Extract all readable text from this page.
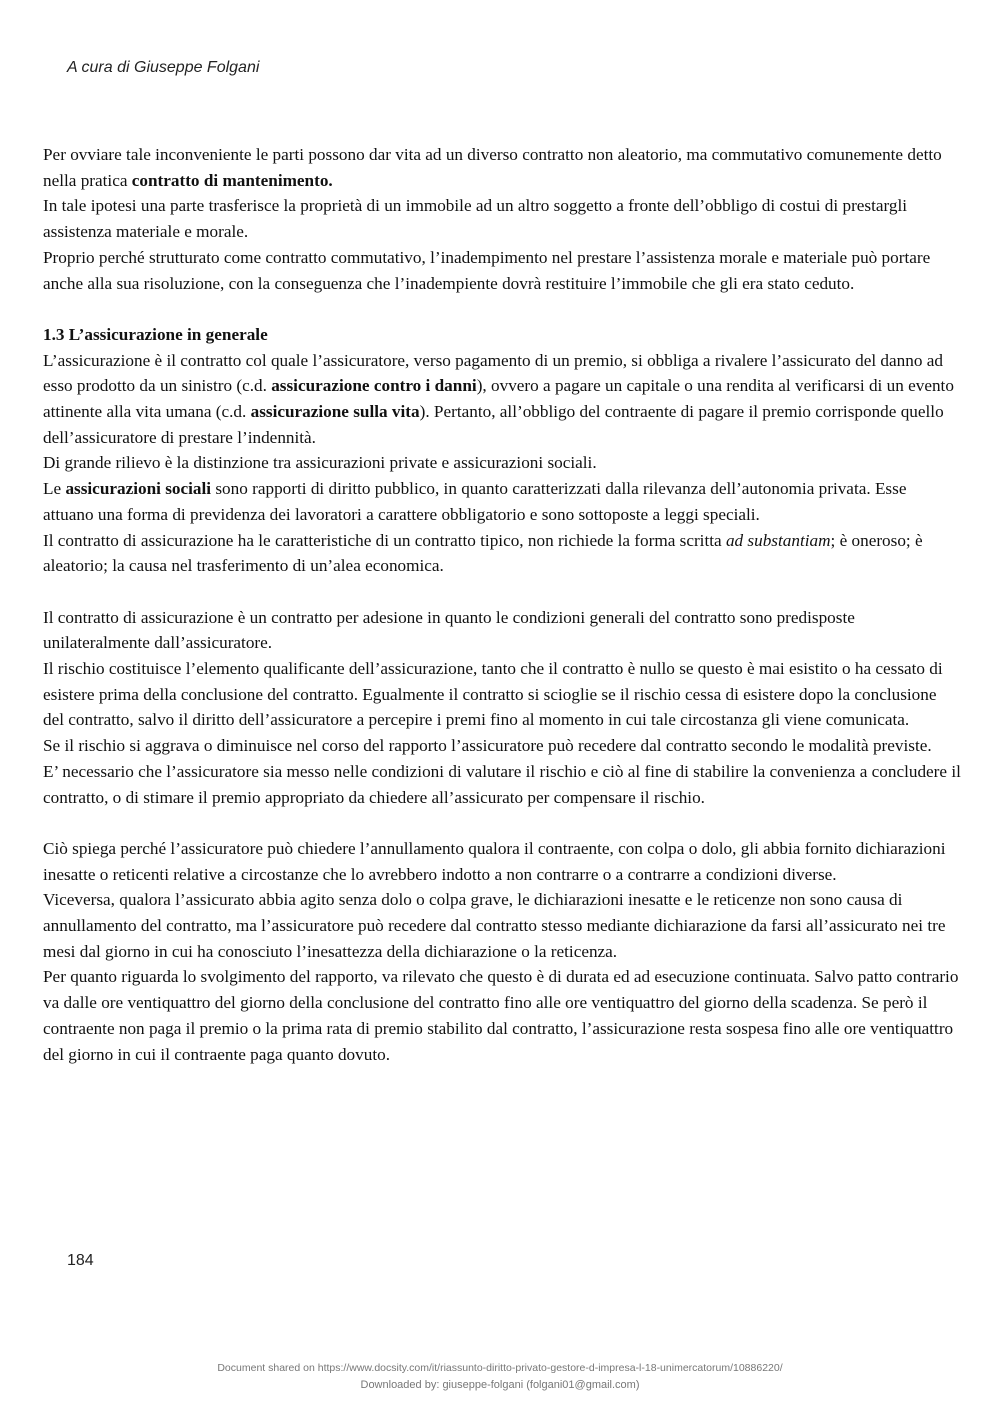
A cura di Giuseppe Folgani

Per ovviare tale inconveniente le parti possono dar vita ad un diverso contratto non aleatorio, ma commutativo comunemente detto nella pratica contratto di mantenimento.

In tale ipotesi una parte trasferisce la proprietà di un immobile ad un altro soggetto a fronte dell’obbligo di costui di prestargli assistenza materiale e morale.

Proprio perché strutturato come contratto commutativo, l’inadempimento nel prestare l’assistenza morale e materiale può portare anche alla sua risoluzione, con la conseguenza che l’inadempiente dovrà restituire l’immobile che gli era stato ceduto.

1.3 L’assicurazione in generale

L’assicurazione è il contratto col quale l’assicuratore, verso pagamento di un premio, si obbliga a rivalere l’assicurato del danno ad esso prodotto da un sinistro (c.d. assicurazione contro i danni), ovvero a pagare un capitale o una rendita al verificarsi di un evento attinente alla vita umana (c.d. assicurazione sulla vita). Pertanto, all’obbligo del contraente di pagare il premio corrisponde quello dell’assicuratore di prestare l’indennità.

Di grande rilievo è la distinzione tra assicurazioni private e assicurazioni sociali.

Le assicurazioni sociali sono rapporti di diritto pubblico, in quanto caratterizzati dalla rilevanza dell’autonomia privata. Esse attuano una forma di previdenza dei lavoratori a carattere obbligatorio e sono sottoposte a leggi speciali.

Il contratto di assicurazione ha le caratteristiche di un contratto tipico, non richiede la forma scritta ad substantiam; è oneroso; è aleatorio; la causa nel trasferimento di un’alea economica.

Il contratto di assicurazione è un contratto per adesione in quanto le condizioni generali del contratto sono predisposte unilateralmente dall’assicuratore.

Il rischio costituisce l’elemento qualificante dell’assicurazione, tanto che il contratto è nullo se questo è mai esistito o ha cessato di esistere prima della conclusione del contratto. Egualmente il contratto si scioglie se il rischio cessa di esistere dopo la conclusione del contratto, salvo il diritto dell’assicuratore a percepire i premi fino al momento in cui tale circostanza gli viene comunicata.

Se il rischio si aggrava o diminuisce nel corso del rapporto l’assicuratore può recedere dal contratto secondo le modalità previste.

E’ necessario che l’assicuratore sia messo nelle condizioni di valutare il rischio e ciò al fine di stabilire la convenienza a concludere il contratto, o di stimare il premio appropriato da chiedere all’assicurato per compensare il rischio.

Ciò spiega perché l’assicuratore può chiedere l’annullamento qualora il contraente, con colpa o dolo, gli abbia fornito dichiarazioni inesatte o reticenti relative a circostanze che lo avrebbero indotto a non contrarre o a contrarre a condizioni diverse.

Viceversa, qualora l’assicurato abbia agito senza dolo o colpa grave, le dichiarazioni inesatte e le reticenze non sono causa di annullamento del contratto, ma l’assicuratore può recedere dal contratto stesso mediante dichiarazione da farsi all’assicurato nei tre mesi dal giorno in cui ha conosciuto l’inesattezza della dichiarazione o la reticenza.

Per quanto riguarda lo svolgimento del rapporto, va rilevato che questo è di durata ed ad esecuzione continuata. Salvo patto contrario va dalle ore ventiquattro del giorno della conclusione del contratto fino alle ore ventiquattro del giorno della scadenza. Se però il contraente non paga il premio o la prima rata di premio stabilito dal contratto, l’assicurazione resta sospesa fino alle ore ventiquattro del giorno in cui il contraente paga quanto dovuto.

184
Document shared on https://www.docsity.com/it/riassunto-diritto-privato-gestore-d-impresa-l-18-unimercatorum/10886220/
Downloaded by: giuseppe-folgani (folgani01@gmail.com)
